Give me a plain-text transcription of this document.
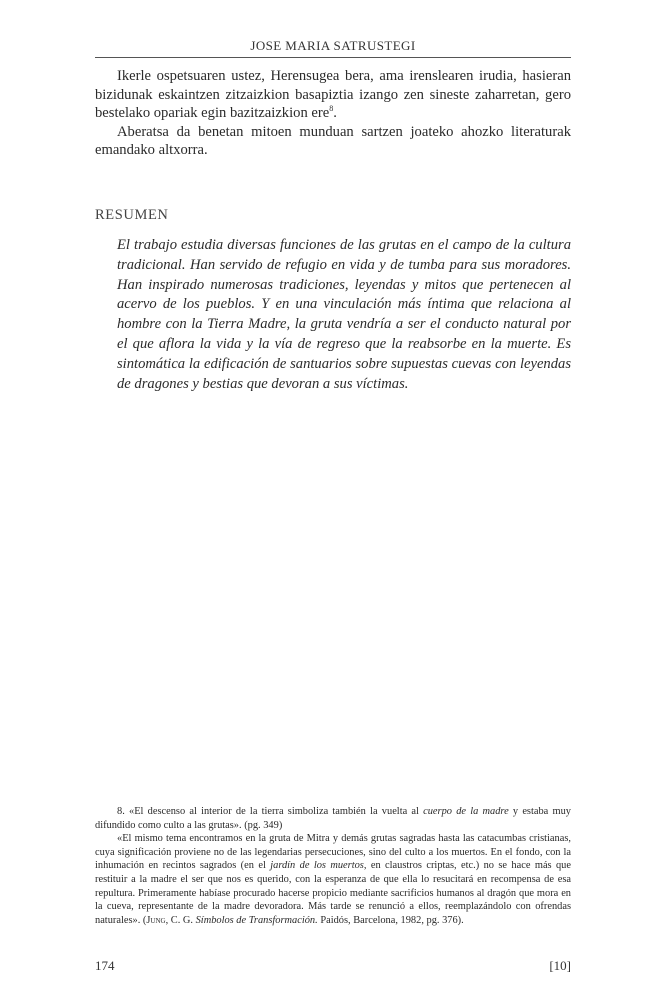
JOSE MARIA SATRUSTEGI

Ikerle ospetsuaren ustez, Herensugea bera, ama irenslearen irudia, hasieran bizidunak eskaintzen zitzaizkion basapiztia izango zen sineste zaharretan, gero bestelako opariak egin bazitzaizkion ere$^8$.

Aberatsa da benetan mitoen munduan sartzen joateko ahozko literaturak emandako altxorra.

RESUMEN

El trabajo estudia diversas funciones de las grutas en el campo de la cultura tradicional. Han servido de refugio en vida y de tumba para sus moradores. Han inspirado numerosas tradiciones, leyendas y mitos que pertenecen al acervo de los pueblos. Y en una vinculación más íntima que relaciona al hombre con la Tierra Madre, la gruta vendría a ser el conducto natural por el que aflora la vida y la vía de regreso que la reabsorbe en la muerte. Es sintomática la edificación de santuarios sobre supuestas cuevas con leyendas de dragones y bestias que devoran a sus víctimas.

8. «El descenso al interior de la tierra simboliza también la vuelta al cuerpo de la madre y estaba muy difundido como culto a las grutas». (pg. 349)

«El mismo tema encontramos en la gruta de Mitra y demás grutas sagradas hasta las catacumbas cristianas, cuya significación proviene no de las legendarias persecuciones, sino del culto a los muertos. En el fondo, con la inhumación en recintos sagrados (en el jardín de los muertos, en claustros criptas, etc.) no se hace más que restituir a la madre el ser que nos es querido, con la esperanza de que ella lo resucitará en recompensa de esa repultura. Primeramente habíase procurado hacerse propicio mediante sacrificios humanos al dragón que mora en la cueva, representante de la madre devoradora. Más tarde se renunció a ellos, reemplazándolo con ofrendas naturales». (Jung, C. G. Símbolos de Transformación. Paidós, Barcelona, 1982, pg. 376).

174	[10]
